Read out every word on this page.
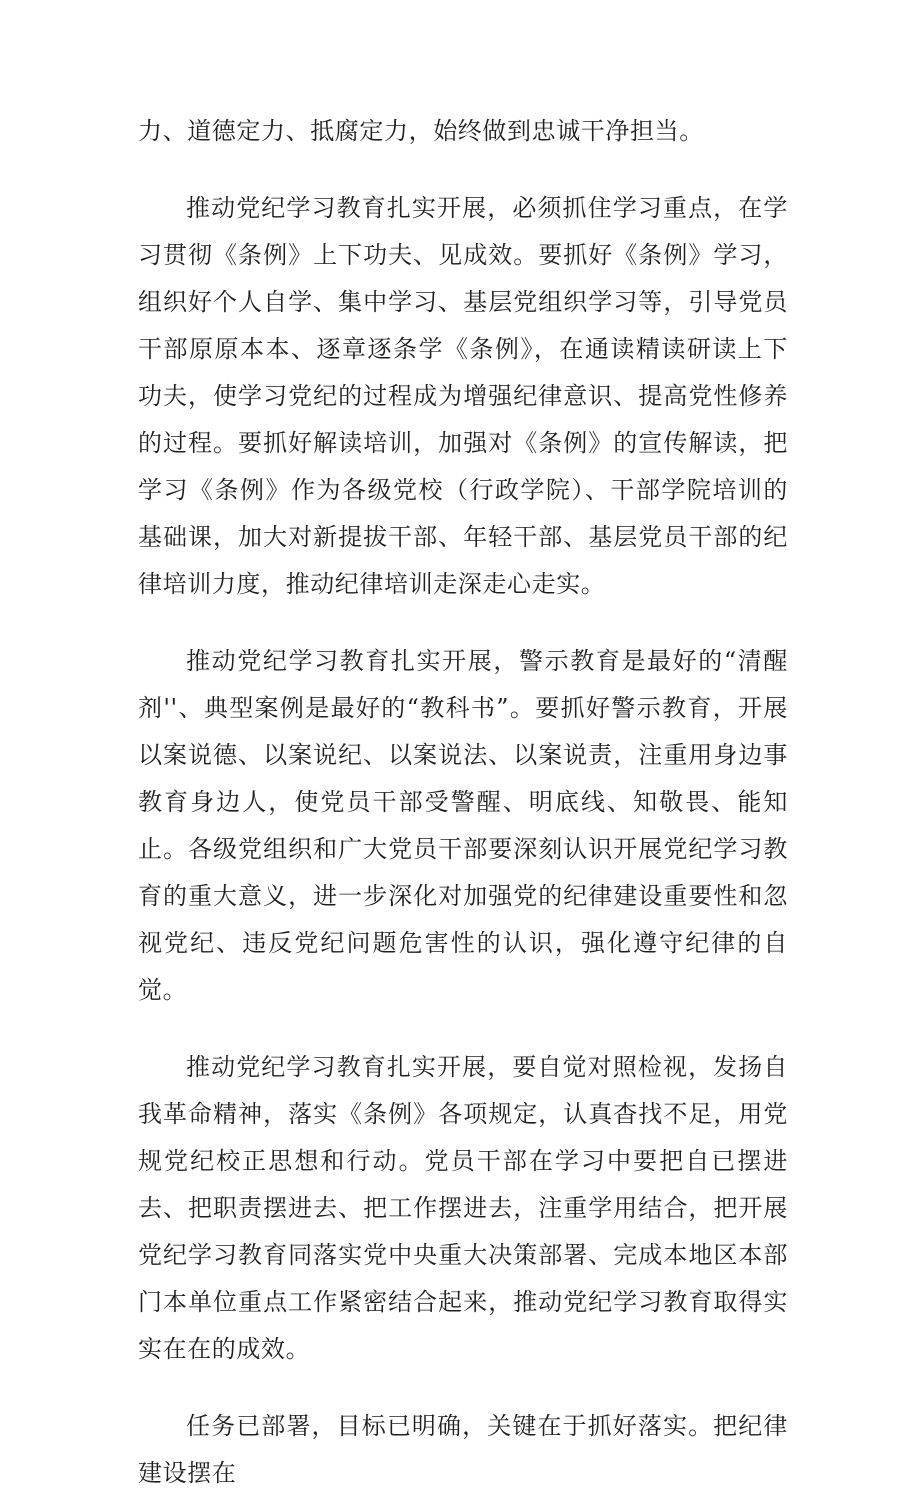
力、道德定力、抵腐定力，始终做到忠诚干净担当。

推动党纪学习教育扎实开展，必须抓住学习重点，在学习贯彻《条例》上下功夫、见成效。要抓好《条例》学习，组织好个人自学、集中学习、基层党组织学习等，引导党员干部原原本本、逐章逐条学《条例》，在通读精读研读上下功夫，使学习党纪的过程成为增强纪律意识、提高党性修养的过程。要抓好解读培训，加强对《条例》的宣传解读，把学习《条例》作为各级党校（行政学院）、干部学院培训的基础课，加大对新提拔干部、年轻干部、基层党员干部的纪律培训力度，推动纪律培训走深走心走实。

推动党纪学习教育扎实开展，警示教育是最好的“清醒剂''、典型案例是最好的“教科书”。要抓好警示教育，开展以案说德、以案说纪、以案说法、以案说责，注重用身边事教育身边人，使党员干部受警醒、明底线、知敬畏、能知止。各级党组织和广大党员干部要深刻认识开展党纪学习教育的重大意义，进一步深化对加强党的纪律建设重要性和忽视党纪、违反党纪问题危害性的认识，强化遵守纪律的自觉。

推动党纪学习教育扎实开展，要自觉对照检视，发扬自我革命精神，落实《条例》各项规定，认真杳找不足，用党规党纪校正思想和行动。党员干部在学习中要把自已摆进去、把职责摆进去、把工作摆进去，注重学用结合，把开展党纪学习教育同落实党中央重大决策部署、完成本地区本部门本单位重点工作紧密结合起来，推动党纪学习教育取得实实在在的成效。

任务已部署，目标已明确，关键在于抓好落实。把纪律建设摆在
